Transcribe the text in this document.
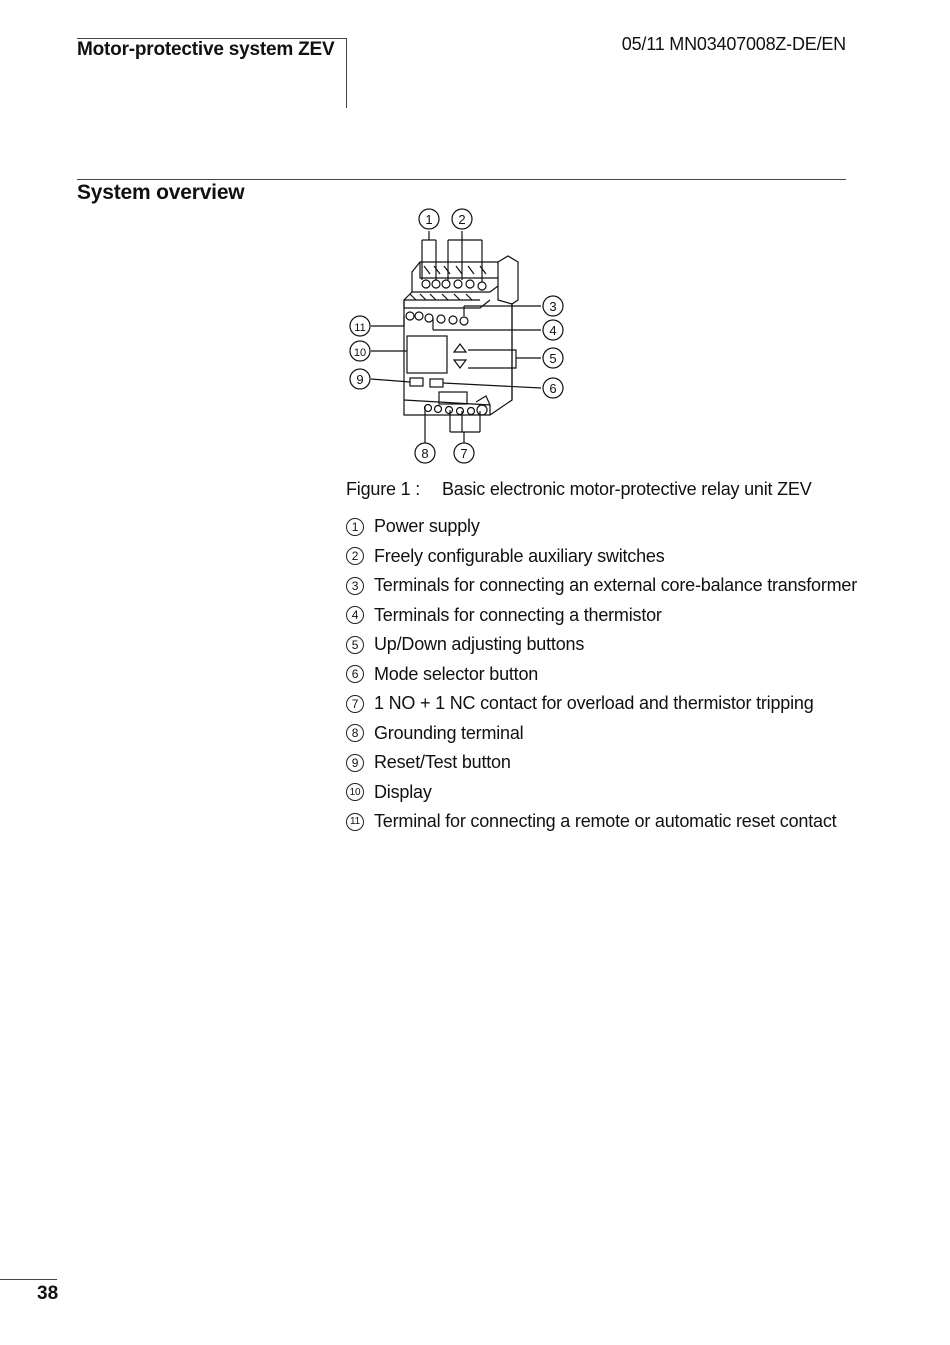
Motor-protective system ZEV	05/11 MN03407008Z-DE/EN
System overview
1 2
3
4
5
6
7
8
9
10
11
Figure 1 : Basic electronic motor-protective relay unit ZEV
1 Power supply
2 Freely configurable auxiliary switches
3 Terminals for connecting an external core-balance transformer
4 Terminals for connecting a thermistor
5 Up/Down adjusting buttons
6 Mode selector button
7 1 NO + 1 NC contact for overload and thermistor tripping
8 Grounding terminal
9 Reset/Test button
10 Display
11 Terminal for connecting a remote or automatic reset contact
38
